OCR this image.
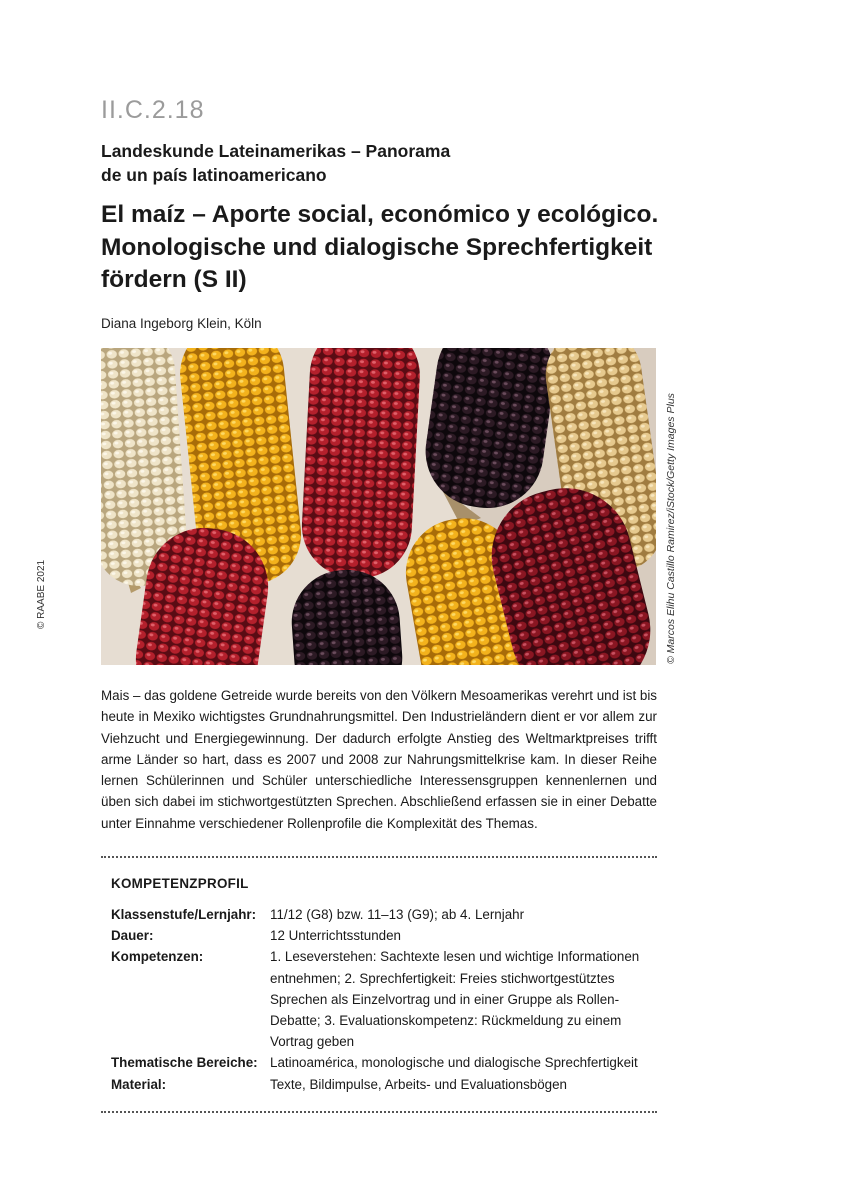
II.C.2.18
Landeskunde Lateinamerikas – Panorama
de un país latinoamericano
El maíz – Aporte social, económico y ecológico.
Monologische und dialogische Sprechfertigkeit
fördern (S II)
Diana Ingeborg Klein, Köln
© Marcos Elihu Castillo Ramirez/iStock/Getty Images Plus
© RAABE 2021

Mais – das goldene Getreide wurde bereits von den Völkern Mesoamerikas verehrt und ist bis heute in Mexiko wichtigstes Grundnahrungsmittel. Den Industrieländern dient er vor allem zur Viehzucht und Energiegewinnung. Der dadurch erfolgte Anstieg des Weltmarktpreises trifft arme Länder so hart, dass es 2007 und 2008 zur Nahrungsmittelkrise kam. In dieser Reihe lernen Schülerinnen und Schüler unterschiedliche Interessensgruppen kennenlernen und üben sich dabei im stichwortgestützten Sprechen. Abschließend erfassen sie in einer Debatte unter Einnahme verschiedener Rollenprofile die Komplexität des Themas.

KOMPETENZPROFIL
Klassenstufe/Lernjahr:	11/12 (G8) bzw. 11–13 (G9); ab 4. Lernjahr
Dauer:	12 Unterrichtsstunden
Kompetenzen:	1. Leseverstehen: Sachtexte lesen und wichtige Informationen entnehmen; 2. Sprechfertigkeit: Freies stichwortgestütztes Sprechen als Einzelvortrag und in einer Gruppe als Rollen-Debatte; 3. Evaluationskompetenz: Rückmeldung zu einem Vortrag geben
Thematische Bereiche:	Latinoamérica, monologische und dialogische Sprechfertigkeit
Material:	Texte, Bildimpulse, Arbeits- und Evaluationsbögen
